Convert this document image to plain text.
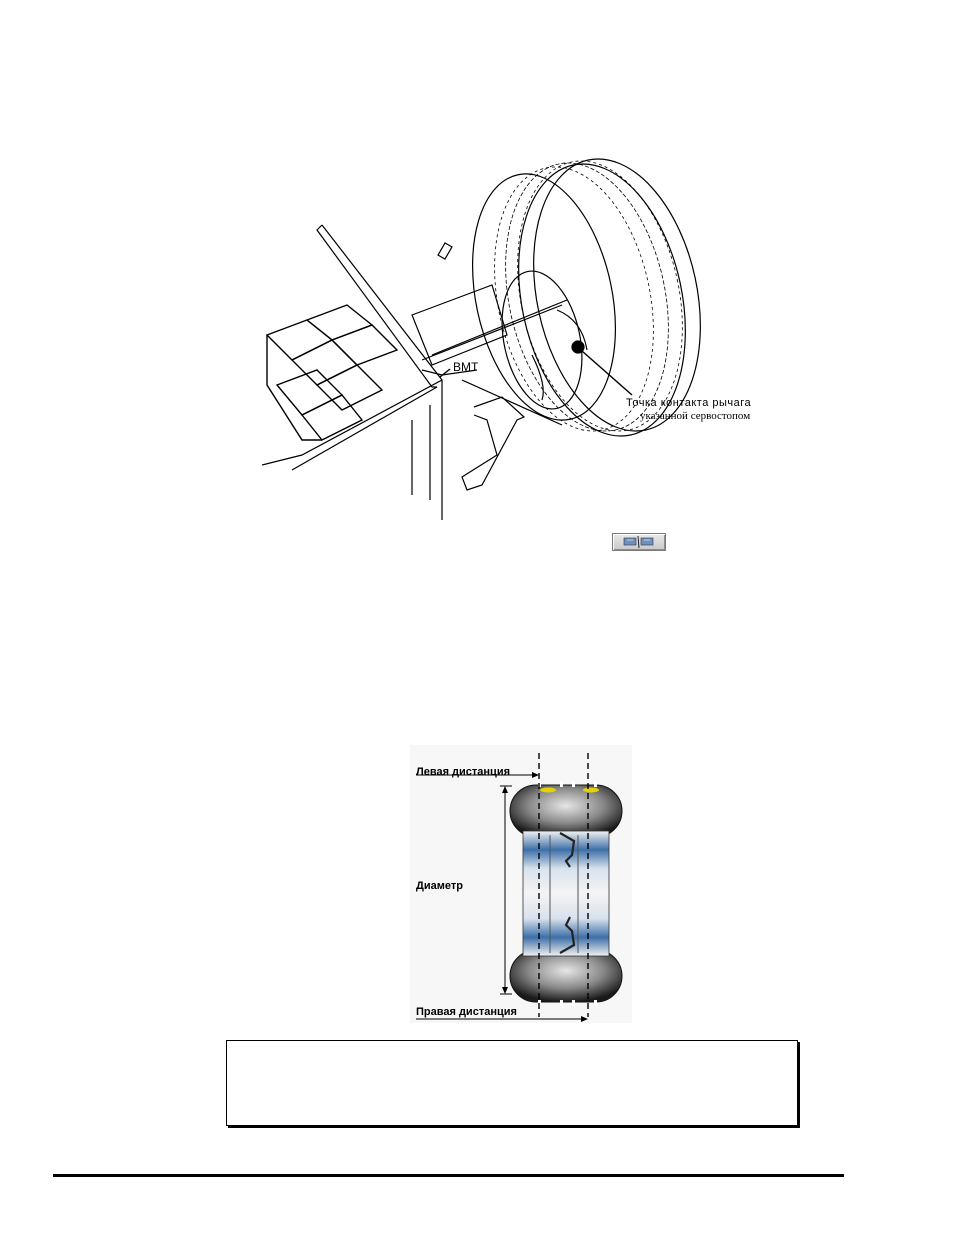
ВМТ
Точка контакта рычага
указанной сервостопом
Левая дистанция
Диаметр
Правая дистанция
